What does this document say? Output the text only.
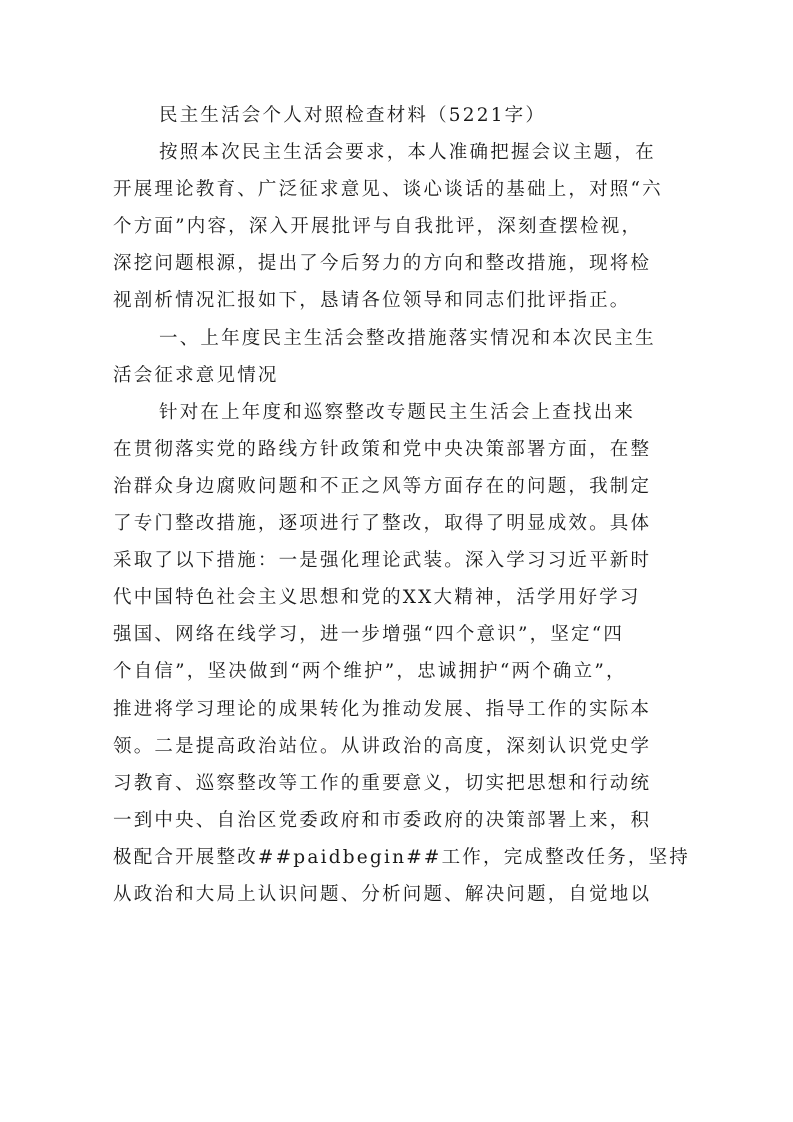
民主生活会个人对照检查材料（5221字）
按照本次民主生活会要求，本人准确把握会议主题，在
开展理论教育、广泛征求意见、谈心谈话的基础上，对照“六
个方面”内容，深入开展批评与自我批评，深刻查摆检视，
深挖问题根源，提出了今后努力的方向和整改措施，现将检
视剖析情况汇报如下，恳请各位领导和同志们批评指正。
一、上年度民主生活会整改措施落实情况和本次民主生
活会征求意见情况
针对在上年度和巡察整改专题民主生活会上查找出来
在贯彻落实党的路线方针政策和党中央决策部署方面，在整
治群众身边腐败问题和不正之风等方面存在的问题，我制定
了专门整改措施，逐项进行了整改，取得了明显成效。具体
采取了以下措施：一是强化理论武装。深入学习习近平新时
代中国特色社会主义思想和党的XX大精神，活学用好学习
强国、网络在线学习，进一步增强“四个意识”，坚定“四
个自信”，坚决做到“两个维护”，忠诚拥护“两个确立”，
推进将学习理论的成果转化为推动发展、指导工作的实际本
领。二是提高政治站位。从讲政治的高度，深刻认识党史学
习教育、巡察整改等工作的重要意义，切实把思想和行动统
一到中央、自治区党委政府和市委政府的决策部署上来，积
极配合开展整改##paidbegin##工作，完成整改任务，坚持
从政治和大局上认识问题、分析问题、解决问题，自觉地以
